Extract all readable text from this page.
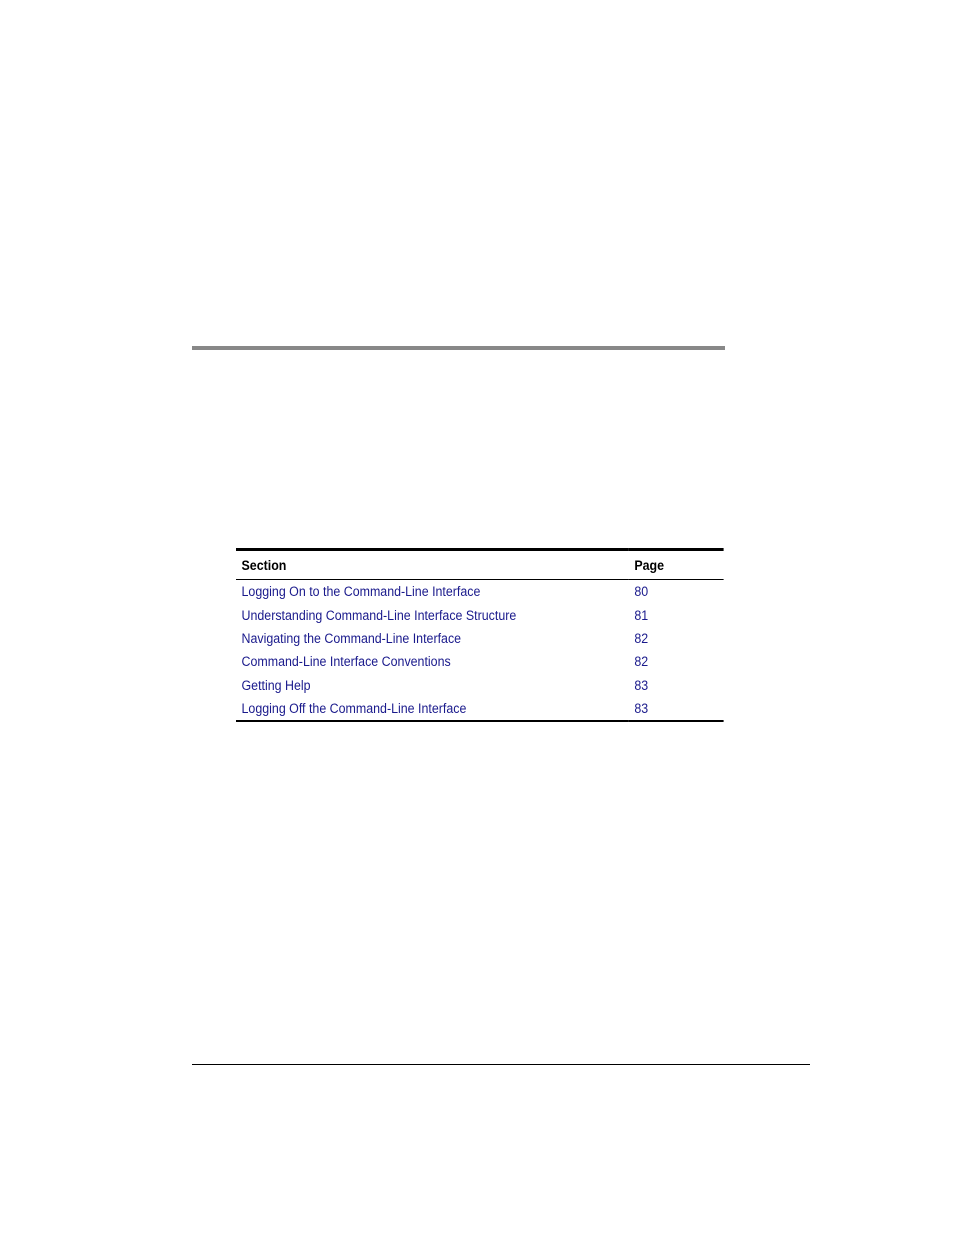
Section	Page
Logging On to the Command-Line Interface	80
Understanding Command-Line Interface Structure	81
Navigating the Command-Line Interface	82
Command-Line Interface Conventions	82
Getting Help	83
Logging Off the Command-Line Interface	83
